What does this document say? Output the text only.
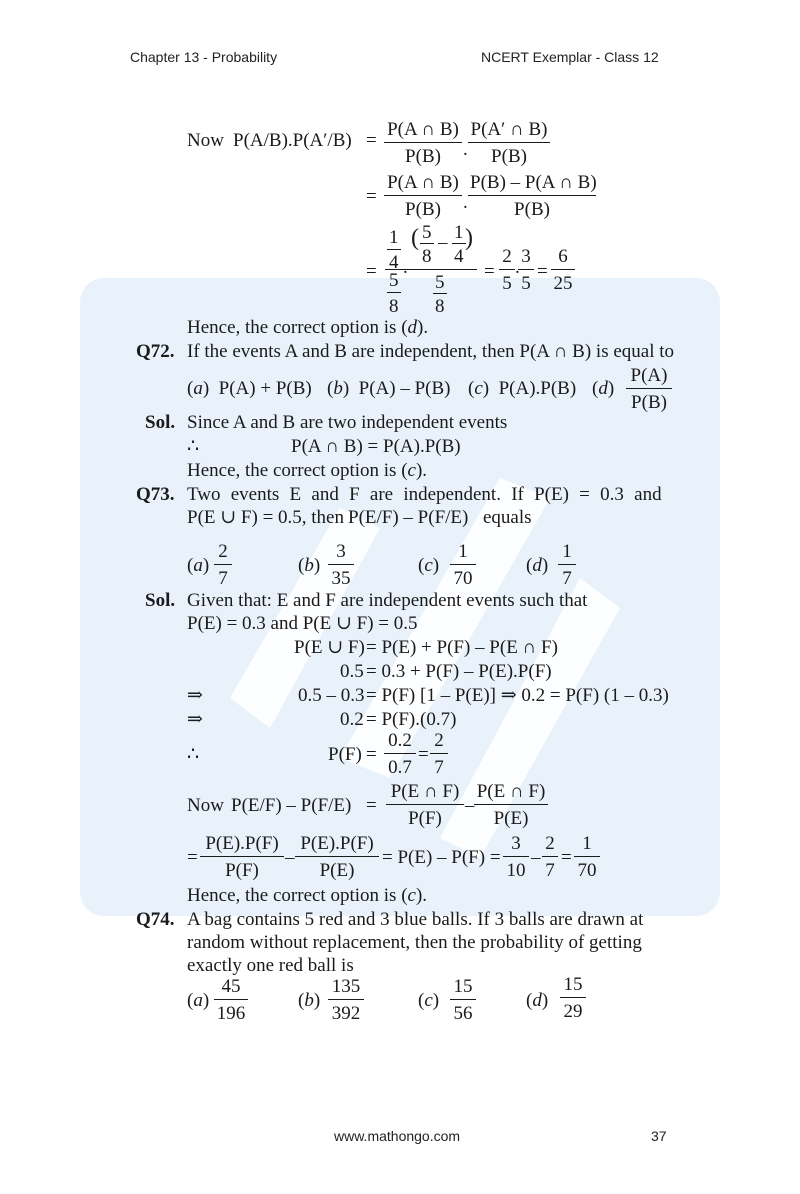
Chapter 13 - Probability	NCERT Exemplar - Class 12
Now $P(A/B).P(A'/B) = \frac{P(A \cap B)}{P(B)}$ . $\frac{P(A' \cap B)}{P(B)}$
= $\frac{P(A \cap B)}{P(B)}$ . $\frac{P(B) - P(A \cap B)}{P(B)}$
=
1
4 .
5
8
( 5
8
– 1
4
)
5
8
= $\frac{2}{5}$ .
$\frac{3}{5} = \frac{6}{25}$
Hence, the correct option is (d).
Q72. If the events A and B are independent, then P(A ∩ B) is equal to
(a)  P(A) + P(B) (b)  P(A) – P(B) (c)  P(A).P(B) $(d) \frac{P(A)}{P(B)}$
Sol. Since A and B are two independent events
∴	P(A ∩ B) = P(A).P(B)
Hence, the correct option is (c).
Q73. Two events E and F are independent. If P(E) = 0.3 and
P(E ∪ F) = 0.5, then P(E/F) – P(F/E) equals
$(a) \frac{2}{7}$	$(b) \frac{3}{35}$	$(c) \frac{1}{70}$	$(d) \frac{1}{7}$
Sol. Given that: E and F are independent events such that
P(E) = 0.3 and P(E ∪ F) = 0.5
P(E ∪ F) = P(E) + P(F) – P(E ∩ F)
0.5 = 0.3 + P(F) – P(E).P(F)
⇒	0.5 – 0.3 = P(F) [1 – P(E)] ⇒ 0.2 = P(F) (1 – 0.3)
⇒	0.2 = P(F).(0.7)
∴	$P(F) = \frac{0.2}{0.7} = \frac{2}{7}$
Now $P(E/F) - P(F/E) = \frac{P(E \cap F)}{P(F)} - \frac{P(E \cap F)}{P(E)}$
= $\frac{P(E).P(F)}{P(F)} - \frac{P(E).P(F)}{P(E)} = P(E) - P(F) = \frac{3}{10} - \frac{2}{7} = \frac{1}{70}$
Hence, the correct option is (c).
Q74. A bag contains 5 red and 3 blue balls. If 3 balls are drawn at
random without replacement, then the probability of getting
exactly one red ball is
$(a) \frac{45}{196}$	$(b) \frac{135}{392}$	$(c) \frac{15}{56}$	$(d) \frac{15}{29}$
www.mathongo.com	37
